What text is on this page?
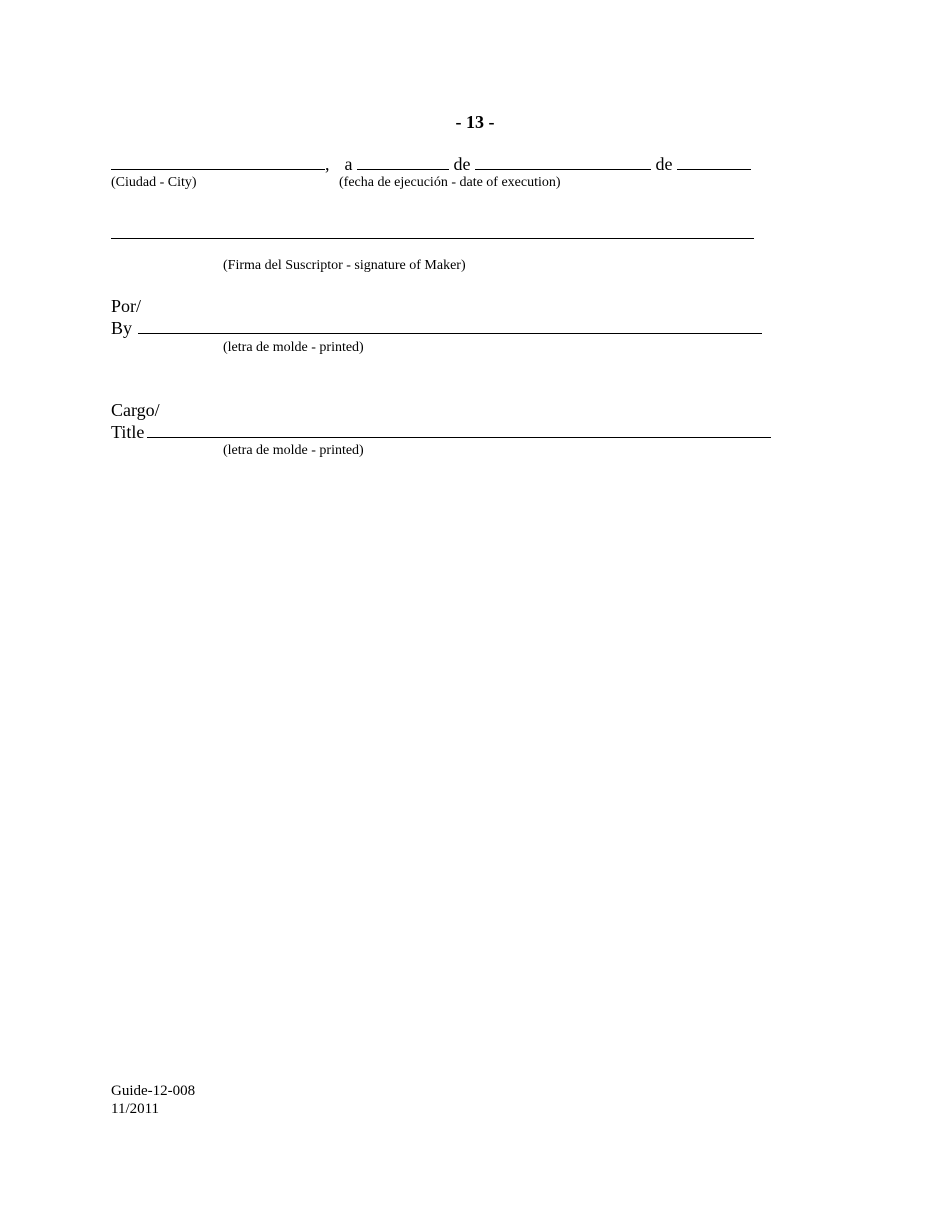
- 13 -
, a	de	de
(Ciudad - City)	(fecha de ejecución - date of execution)
(Firma del Suscriptor - signature of Maker)
Por/
By
(letra de molde - printed)
Cargo/
Title
(letra de molde - printed)
Guide-12-008
11/2011
